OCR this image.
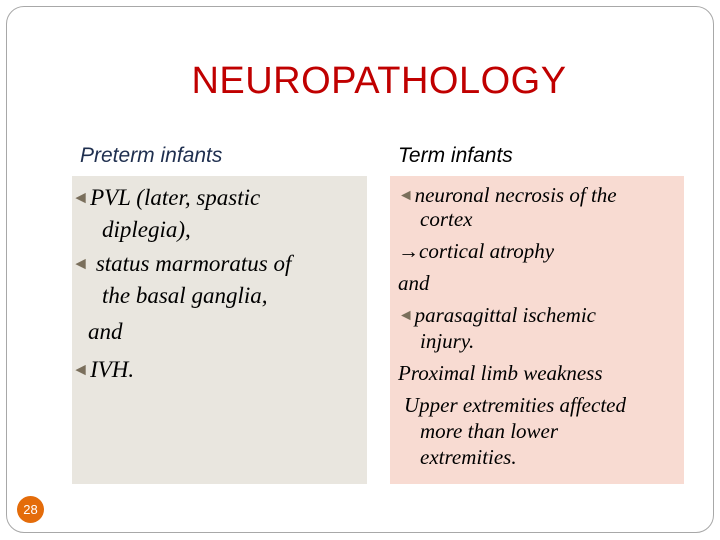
NEUROPATHOLOGY
Preterm infants	Term infants
◄PVL (later, spastic
diplegia),
◄ status marmoratus of
the basal ganglia,
and
◄IVH.
◄neuronal necrosis of the
cortex
→cortical atrophy
and
◄parasagittal ischemic
injury.
Proximal limb weakness
Upper extremities affected
more than lower
extremities.
28
